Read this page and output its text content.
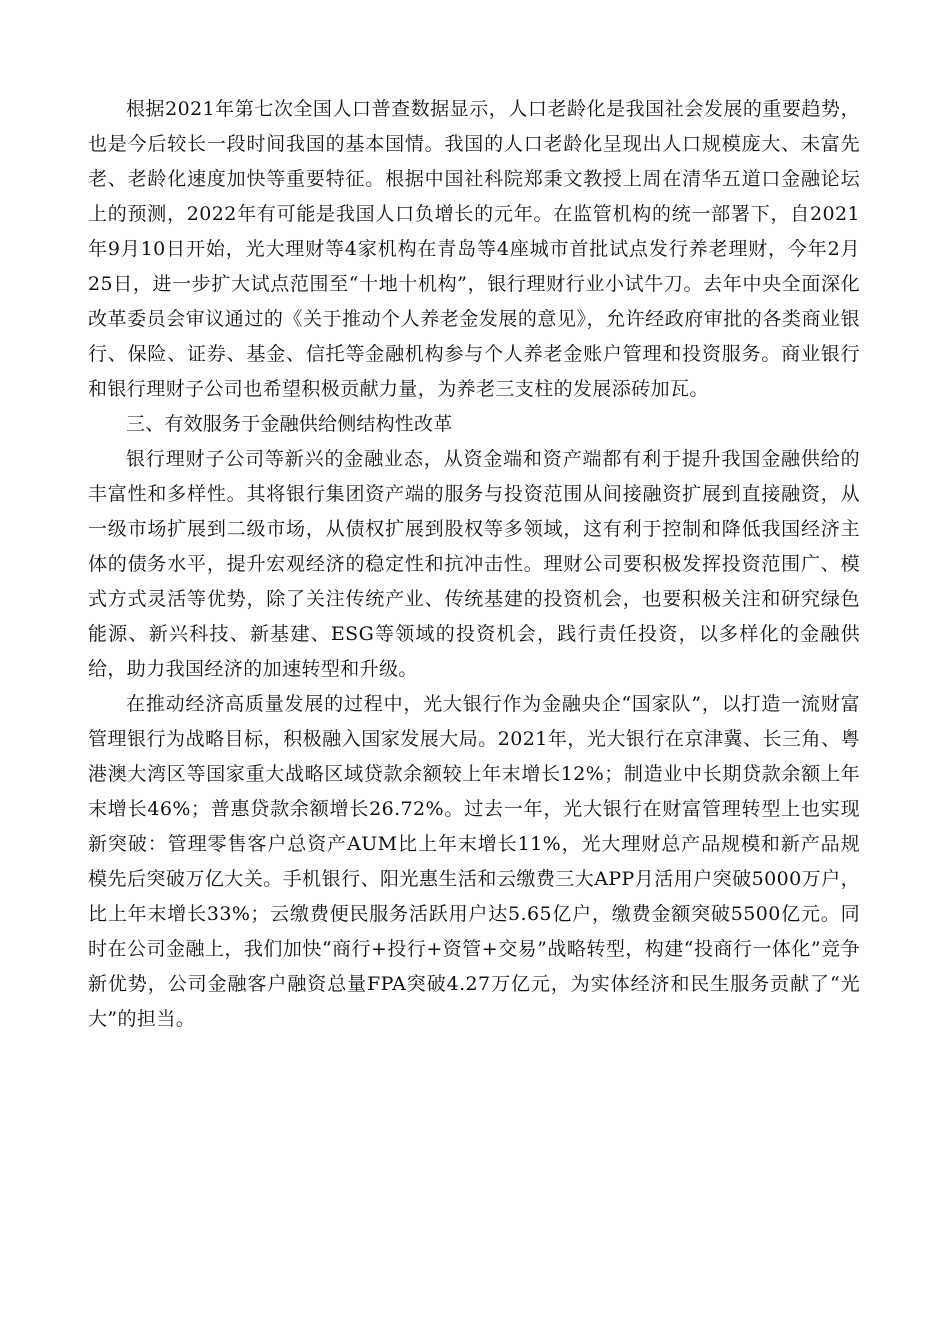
根据2021年第七次全国人口普查数据显示，人口老龄化是我国社会发展的重要趋势，也是今后较长一段时间我国的基本国情。我国的人口老龄化呈现出人口规模庞大、未富先老、老龄化速度加快等重要特征。根据中国社科院郑秉文教授上周在清华五道口金融论坛上的预测，2022年有可能是我国人口负增长的元年。在监管机构的统一部署下，自2021年9月10日开始，光大理财等4家机构在青岛等4座城市首批试点发行养老理财，今年2月25日，进一步扩大试点范围至“十地十机构”，银行理财行业小试牛刀。去年中央全面深化改革委员会审议通过的《关于推动个人养老金发展的意见》，允许经政府审批的各类商业银行、保险、证券、基金、信托等金融机构参与个人养老金账户管理和投资服务。商业银行和银行理财子公司也希望积极贡献力量，为养老三支柱的发展添砖加瓦。

三、有效服务于金融供给侧结构性改革

银行理财子公司等新兴的金融业态，从资金端和资产端都有利于提升我国金融供给的丰富性和多样性。其将银行集团资产端的服务与投资范围从间接融资扩展到直接融资，从一级市场扩展到二级市场，从债权扩展到股权等多领域，这有利于控制和降低我国经济主体的债务水平，提升宏观经济的稳定性和抗冲击性。理财公司要积极发挥投资范围广、模式方式灵活等优势，除了关注传统产业、传统基建的投资机会，也要积极关注和研究绿色能源、新兴科技、新基建、ESG等领域的投资机会，践行责任投资，以多样化的金融供给，助力我国经济的加速转型和升级。

在推动经济高质量发展的过程中，光大银行作为金融央企“国家队”，以打造一流财富管理银行为战略目标，积极融入国家发展大局。2021年，光大银行在京津冀、长三角、粤港澳大湾区等国家重大战略区域贷款余额较上年末增长12%；制造业中长期贷款余额上年末增长46%；普惠贷款余额增长26.72%。过去一年，光大银行在财富管理转型上也实现新突破：管理零售客户总资产AUM比上年末增长11%，光大理财总产品规模和新产品规模先后突破万亿大关。手机银行、阳光惠生活和云缴费三大APP月活用户突破5000万户，比上年末增长33%；云缴费便民服务活跃用户达5.65亿户，缴费金额突破5500亿元。同时在公司金融上，我们加快“商行+投行+资管+交易”战略转型，构建“投商行一体化”竞争新优势，公司金融客户融资总量FPA突破4.27万亿元，为实体经济和民生服务贡献了“光大”的担当。
